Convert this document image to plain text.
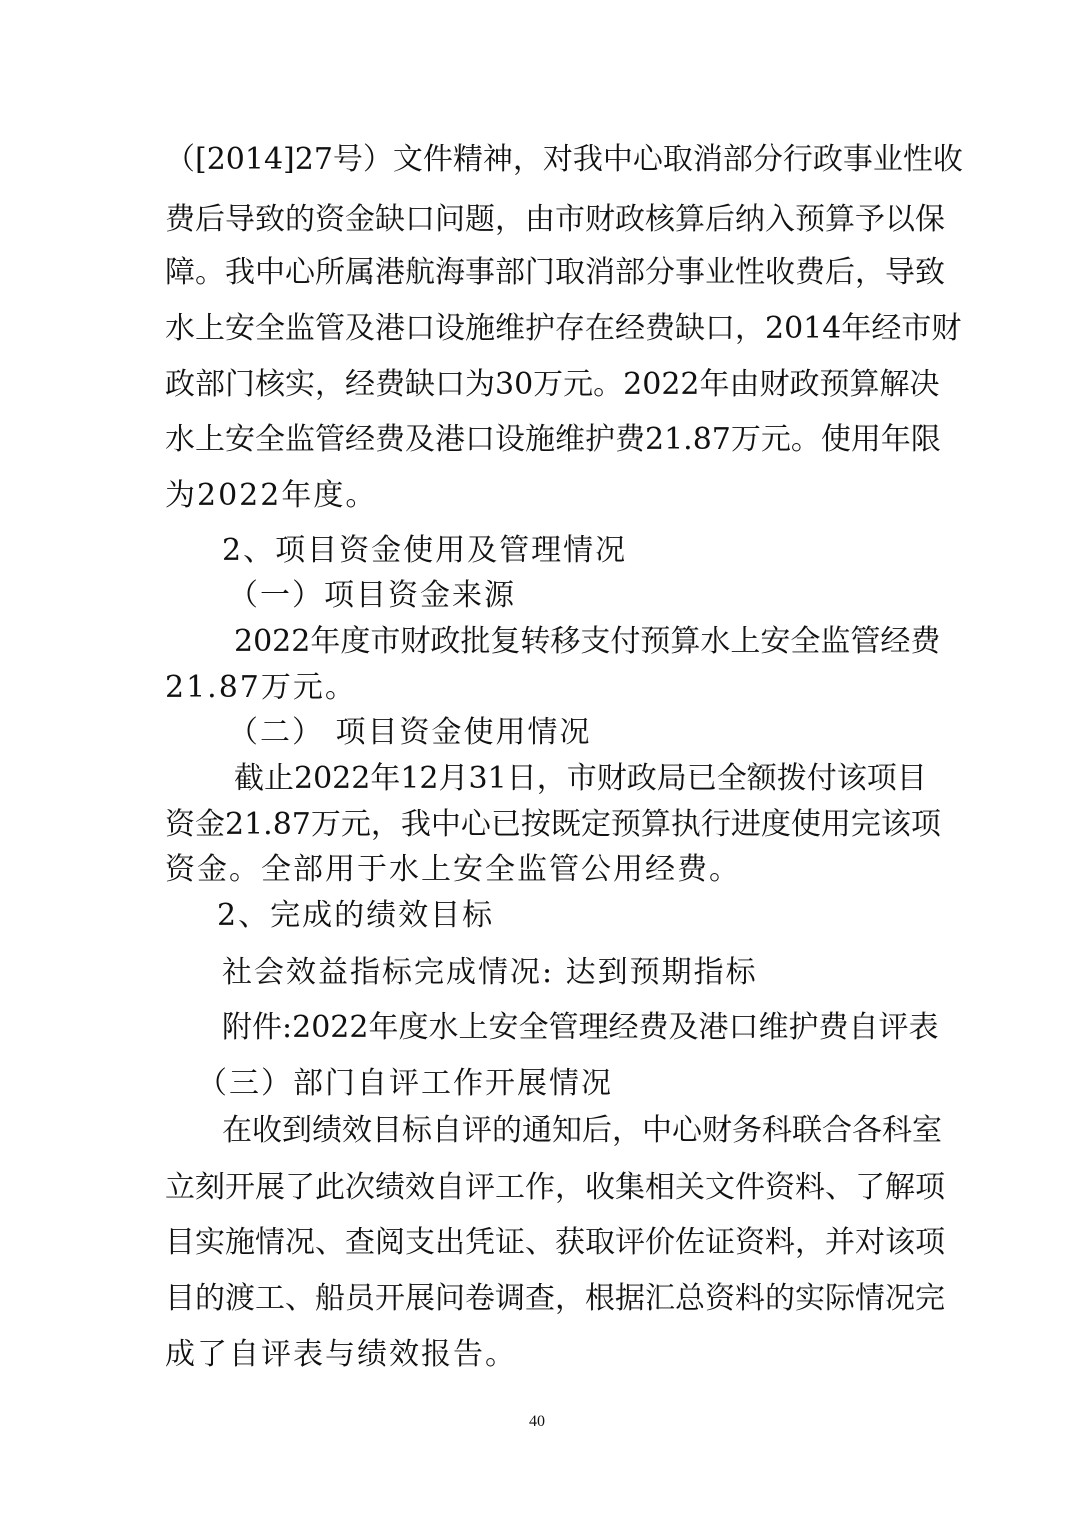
（[2014]27号）文件精神，对我中心取消部分行政事业性收
费后导致的资金缺口问题，由市财政核算后纳入预算予以保
障。我中心所属港航海事部门取消部分事业性收费后，导致
水上安全监管及港口设施维护存在经费缺口，2014年经市财
政部门核实，经费缺口为30万元。2022年由财政预算解决
水上安全监管经费及港口设施维护费21.87万元。使用年限
为2022年度。
2、项目资金使用及管理情况
（一）项目资金来源
2022年度市财政批复转移支付预算水上安全监管经费
21.87万元。
（二） 项目资金使用情况
截止2022年12月31日，市财政局已全额拨付该项目
资金21.87万元，我中心已按既定预算执行进度使用完该项
资金。全部用于水上安全监管公用经费。
2、完成的绩效目标
社会效益指标完成情况: 达到预期指标
附件:2022年度水上安全管理经费及港口维护费自评表
（三）部门自评工作开展情况
在收到绩效目标自评的通知后，中心财务科联合各科室
立刻开展了此次绩效自评工作，收集相关文件资料、了解项
目实施情况、查阅支出凭证、获取评价佐证资料，并对该项
目的渡工、船员开展问卷调查，根据汇总资料的实际情况完
成了自评表与绩效报告。
40
